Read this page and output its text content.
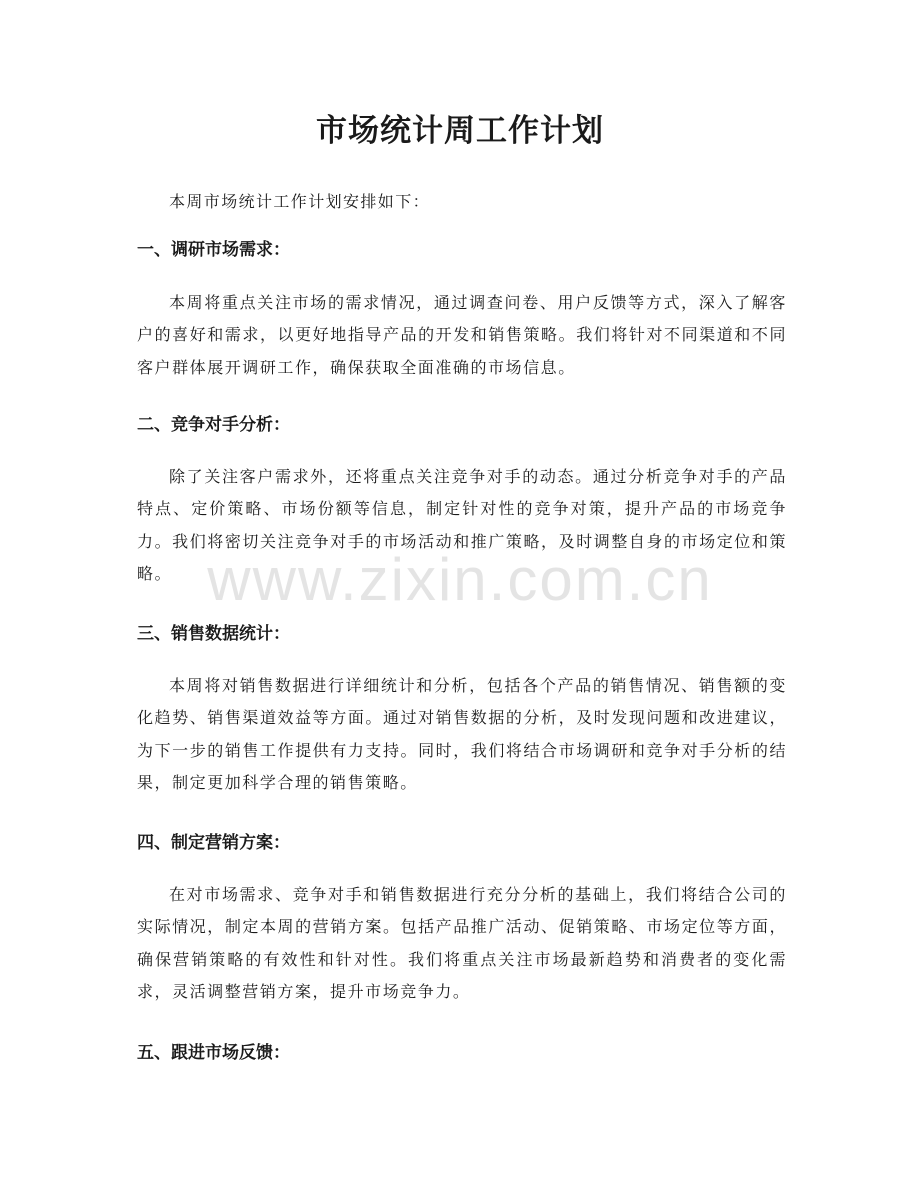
市场统计周工作计划

本周市场统计工作计划安排如下：

一、调研市场需求：

本周将重点关注市场的需求情况，通过调查问卷、用户反馈等方式，深入了解客户的喜好和需求，以更好地指导产品的开发和销售策略。我们将针对不同渠道和不同客户群体展开调研工作，确保获取全面准确的市场信息。

二、竞争对手分析：

除了关注客户需求外，还将重点关注竞争对手的动态。通过分析竞争对手的产品特点、定价策略、市场份额等信息，制定针对性的竞争对策，提升产品的市场竞争力。我们将密切关注竞争对手的市场活动和推广策略，及时调整自身的市场定位和策略。

三、销售数据统计：

本周将对销售数据进行详细统计和分析，包括各个产品的销售情况、销售额的变化趋势、销售渠道效益等方面。通过对销售数据的分析，及时发现问题和改进建议，为下一步的销售工作提供有力支持。同时，我们将结合市场调研和竞争对手分析的结果，制定更加科学合理的销售策略。

四、制定营销方案：

在对市场需求、竞争对手和销售数据进行充分分析的基础上，我们将结合公司的实际情况，制定本周的营销方案。包括产品推广活动、促销策略、市场定位等方面，确保营销策略的有效性和针对性。我们将重点关注市场最新趋势和消费者的变化需求，灵活调整营销方案，提升市场竞争力。

五、跟进市场反馈：
www.zixin.com.cn
